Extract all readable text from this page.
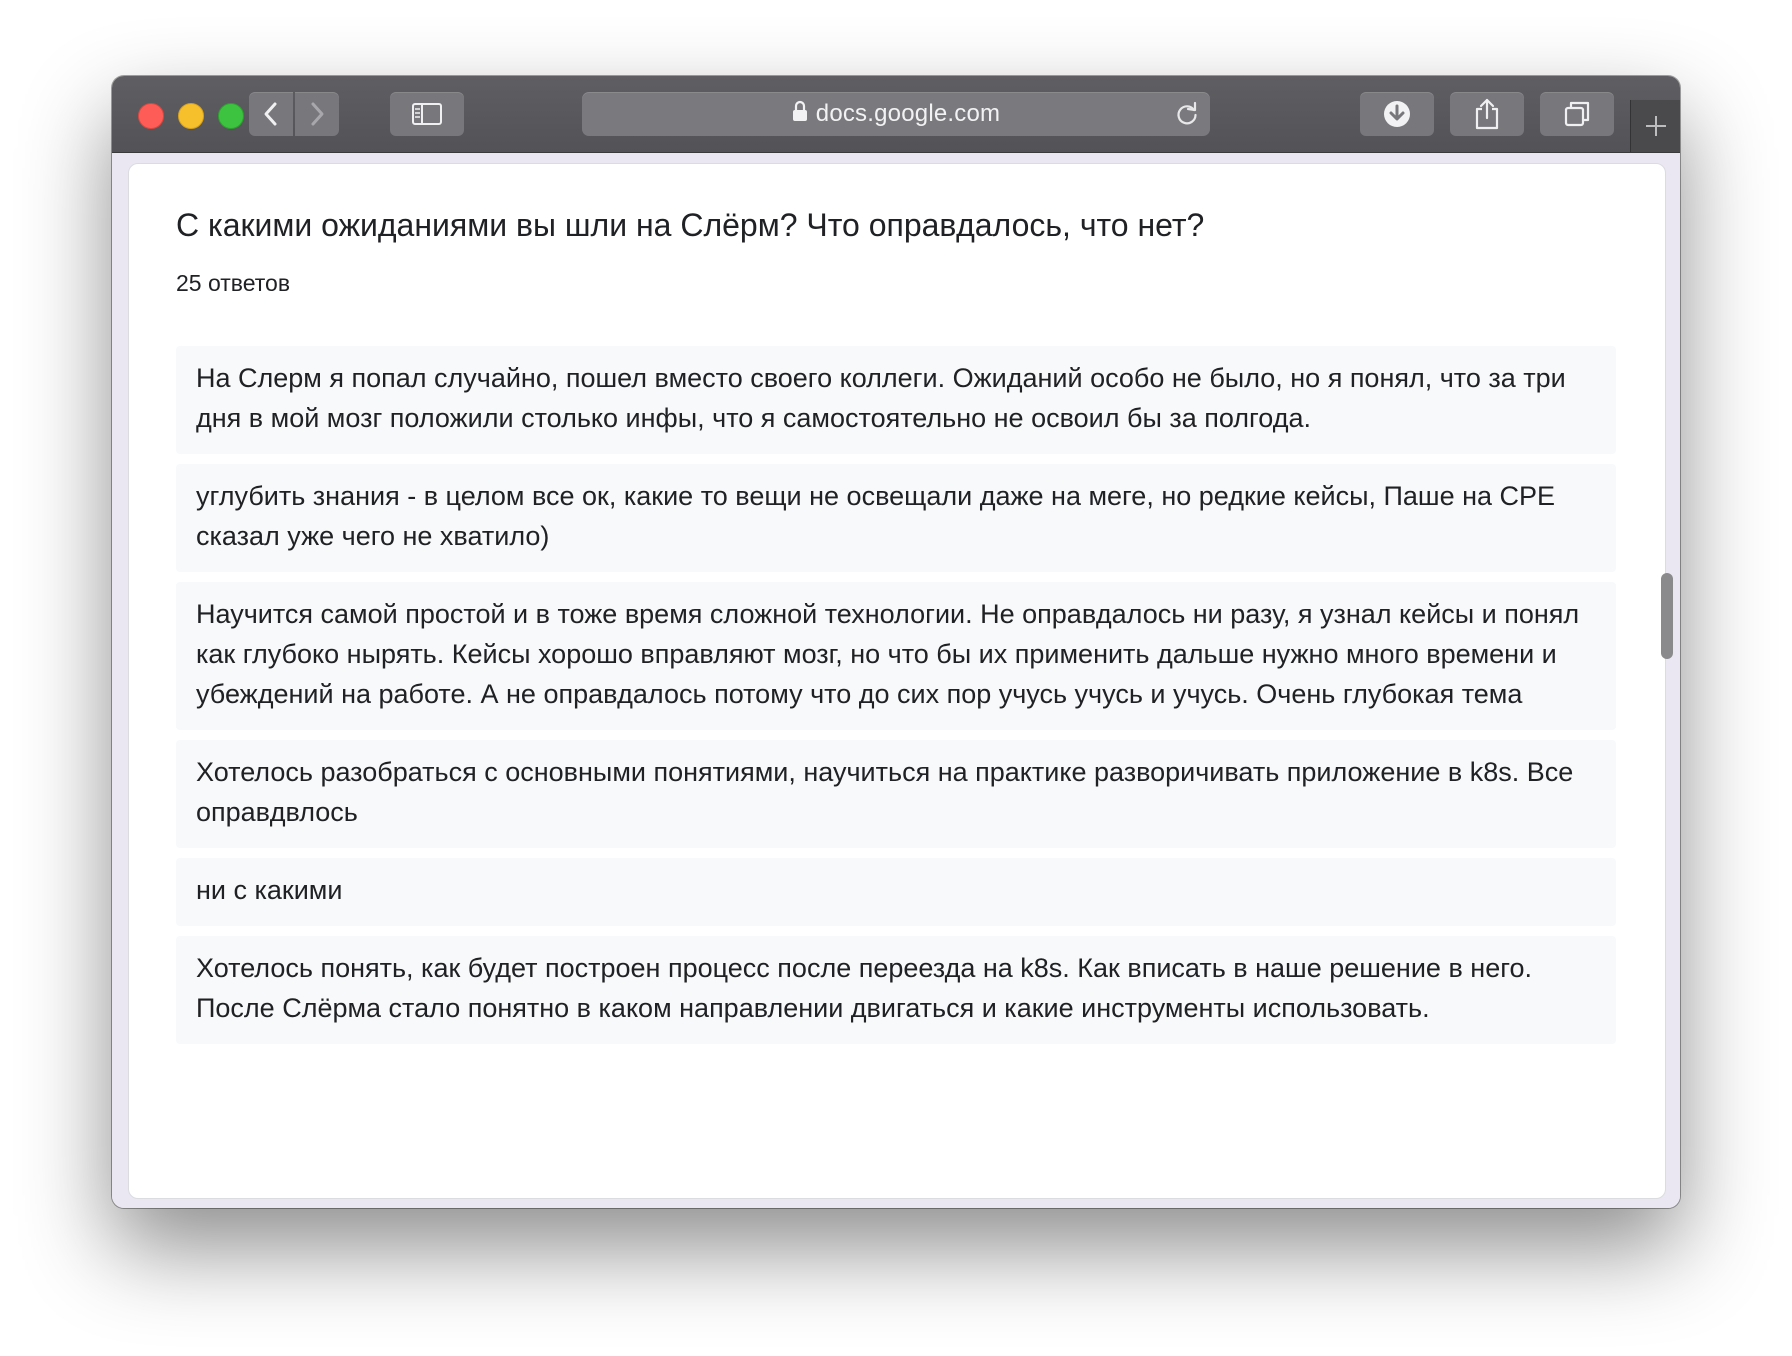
docs.google.com
С какими ожиданиями вы шли на Слёрм? Что оправдалось, что нет?
25 ответов
На Слерм я попал случайно, пошел вместо своего коллеги. Ожиданий особо не было, но я понял, что за три дня в мой мозг положили столько инфы, что я самостоятельно не освоил бы за полгода.
углубить знания - в целом все ок, какие то вещи не освещали даже на меге, но редкие кейсы, Паше на CPE сказал уже чего не хватило)
Научится самой простой и в тоже время сложной технологии. Не оправдалось ни разу, я узнал кейсы и понял как глубоко нырять. Кейсы хорошо вправляют мозг, но что бы их применить дальше нужно много времени и убеждений на работе. А не оправдалось потому что до сих пор учусь учусь и учусь. Очень глубокая тема
Хотелось разобраться с основными понятиями, научиться на практике разворичивать приложение в k8s. Все оправдвлось
ни с какими
Хотелось понять, как будет построен процесс после переезда на k8s. Как вписать в наше решение в него. После Слёрма стало понятно в каком направлении двигаться и какие инструменты использовать.
